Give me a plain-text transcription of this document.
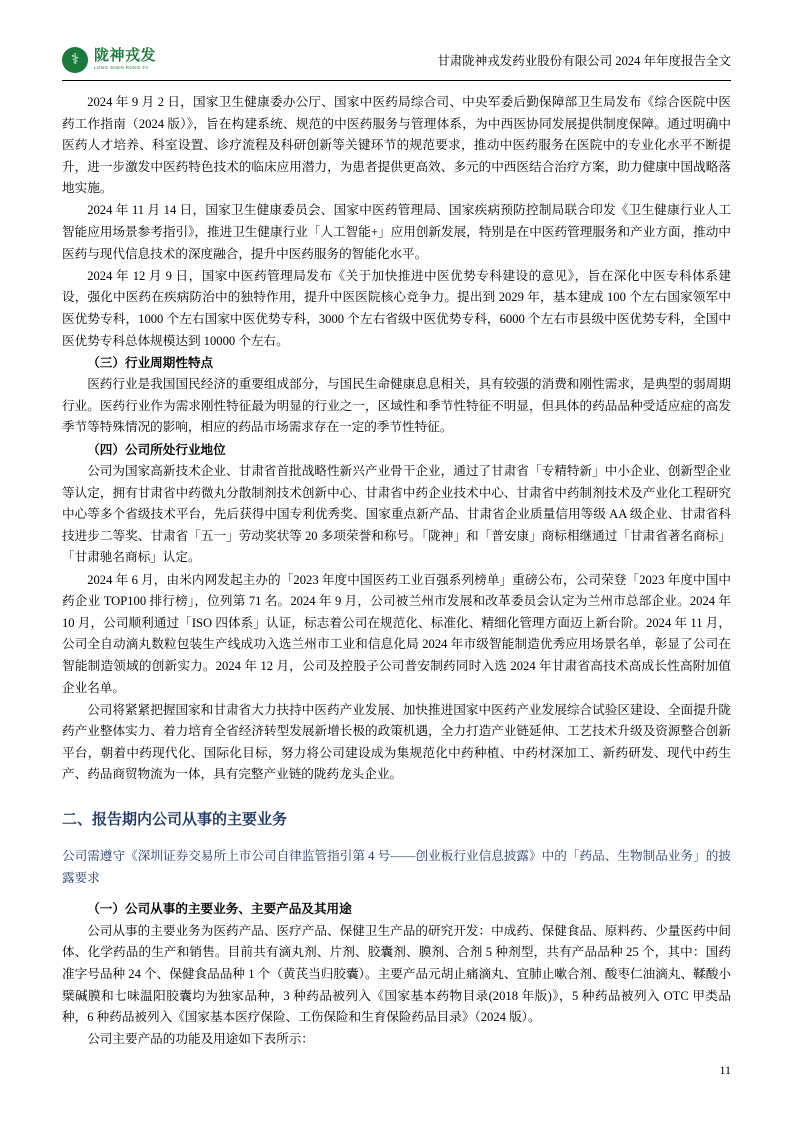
⚕ 陇神戎发
LONG SHEN RONG FA	甘肃陇神戎发药业股份有限公司 2024 年年度报告全文

2024 年 9 月 2 日，国家卫生健康委办公厅、国家中医药局综合司、中央军委后勤保障部卫生局发布《综合医院中医药工作指南（2024 版）》，旨在构建系统、规范的中医药服务与管理体系，为中西医协同发展提供制度保障。通过明确中医药人才培养、科室设置、诊疗流程及科研创新等关键环节的规范要求，推动中医药服务在医院中的专业化水平不断提升，进一步激发中医药特色技术的临床应用潜力，为患者提供更高效、多元的中西医结合治疗方案，助力健康中国战略落地实施。

2024 年 11 月 14 日，国家卫生健康委员会、国家中医药管理局、国家疾病预防控制局联合印发《卫生健康行业人工智能应用场景参考指引》，推进卫生健康行业「人工智能+」应用创新发展，特别是在中医药管理服务和产业方面，推动中医药与现代信息技术的深度融合，提升中医药服务的智能化水平。

2024 年 12 月 9 日，国家中医药管理局发布《关于加快推进中医优势专科建设的意见》，旨在深化中医专科体系建设，强化中医药在疾病防治中的独特作用，提升中医医院核心竞争力。提出到 2029 年，基本建成 100 个左右国家领军中医优势专科，1000 个左右国家中医优势专科，3000 个左右省级中医优势专科，6000 个左右市县级中医优势专科，全国中医优势专科总体规模达到 10000 个左右。

（三）行业周期性特点

医药行业是我国国民经济的重要组成部分，与国民生命健康息息相关，具有较强的消费和刚性需求，是典型的弱周期行业。医药行业作为需求刚性特征最为明显的行业之一，区域性和季节性特征不明显，但具体的药品品种受适应症的高发季节等特殊情况的影响，相应的药品市场需求存在一定的季节性特征。

（四）公司所处行业地位

公司为国家高新技术企业、甘肃省首批战略性新兴产业骨干企业，通过了甘肃省「专精特新」中小企业、创新型企业等认定，拥有甘肃省中药微丸分散制剂技术创新中心、甘肃省中药企业技术中心、甘肃省中药制剂技术及产业化工程研究中心等多个省级技术平台，先后获得中国专利优秀奖、国家重点新产品、甘肃省企业质量信用等级 AA 级企业、甘肃省科技进步二等奖、甘肃省「五一」劳动奖状等 20 多项荣誉和称号。「陇神」和「普安康」商标相继通过「甘肃省著名商标」「甘肃驰名商标」认定。

2024 年 6 月，由米内网发起主办的「2023 年度中国医药工业百强系列榜单」重磅公布，公司荣登「2023 年度中国中药企业 TOP100 排行榜」，位列第 71 名。2024 年 9 月，公司被兰州市发展和改革委员会认定为兰州市总部企业。2024 年 10 月，公司顺利通过「ISO 四体系」认证，标志着公司在规范化、标准化、精细化管理方面迈上新台阶。2024 年 11 月，公司全自动滴丸数粒包装生产线成功入选兰州市工业和信息化局 2024 年市级智能制造优秀应用场景名单，彰显了公司在智能制造领域的创新实力。2024 年 12 月，公司及控股子公司普安制药同时入选 2024 年甘肃省高技术高成长性高附加值企业名单。

公司将紧紧把握国家和甘肃省大力扶持中医药产业发展、加快推进国家中医药产业发展综合试验区建设、全面提升陇药产业整体实力、着力培育全省经济转型发展新增长极的政策机遇，全力打造产业链延伸、工艺技术升级及资源整合创新平台，朝着中药现代化、国际化目标，努力将公司建设成为集规范化中药种植、中药材深加工、新药研发、现代中药生产、药品商贸物流为一体，具有完整产业链的陇药龙头企业。

二、报告期内公司从事的主要业务

公司需遵守《深圳证券交易所上市公司自律监管指引第 4 号——创业板行业信息披露》中的「药品、生物制品业务」的披露要求

（一）公司从事的主要业务、主要产品及其用途

公司从事的主要业务为医药产品、医疗产品、保健卫生产品的研究开发：中成药、保健食品、原料药、少量医药中间体、化学药品的生产和销售。目前共有滴丸剂、片剂、胶囊剂、膜剂、合剂 5 种剂型，共有产品品种 25 个，其中：国药准字号品种 24 个、保健食品品种 1 个（黄芪当归胶囊）。主要产品元胡止痛滴丸、宜肺止嗽合剂、酸枣仁油滴丸、鞣酸小檗碱膜和七味温阳胶囊均为独家品种，3 种药品被列入《国家基本药物目录(2018 年版)》，5 种药品被列入 OTC 甲类品种，6 种药品被列入《国家基本医疗保险、工伤保险和生育保险药品目录》（2024 版）。

公司主要产品的功能及用途如下表所示：

11
